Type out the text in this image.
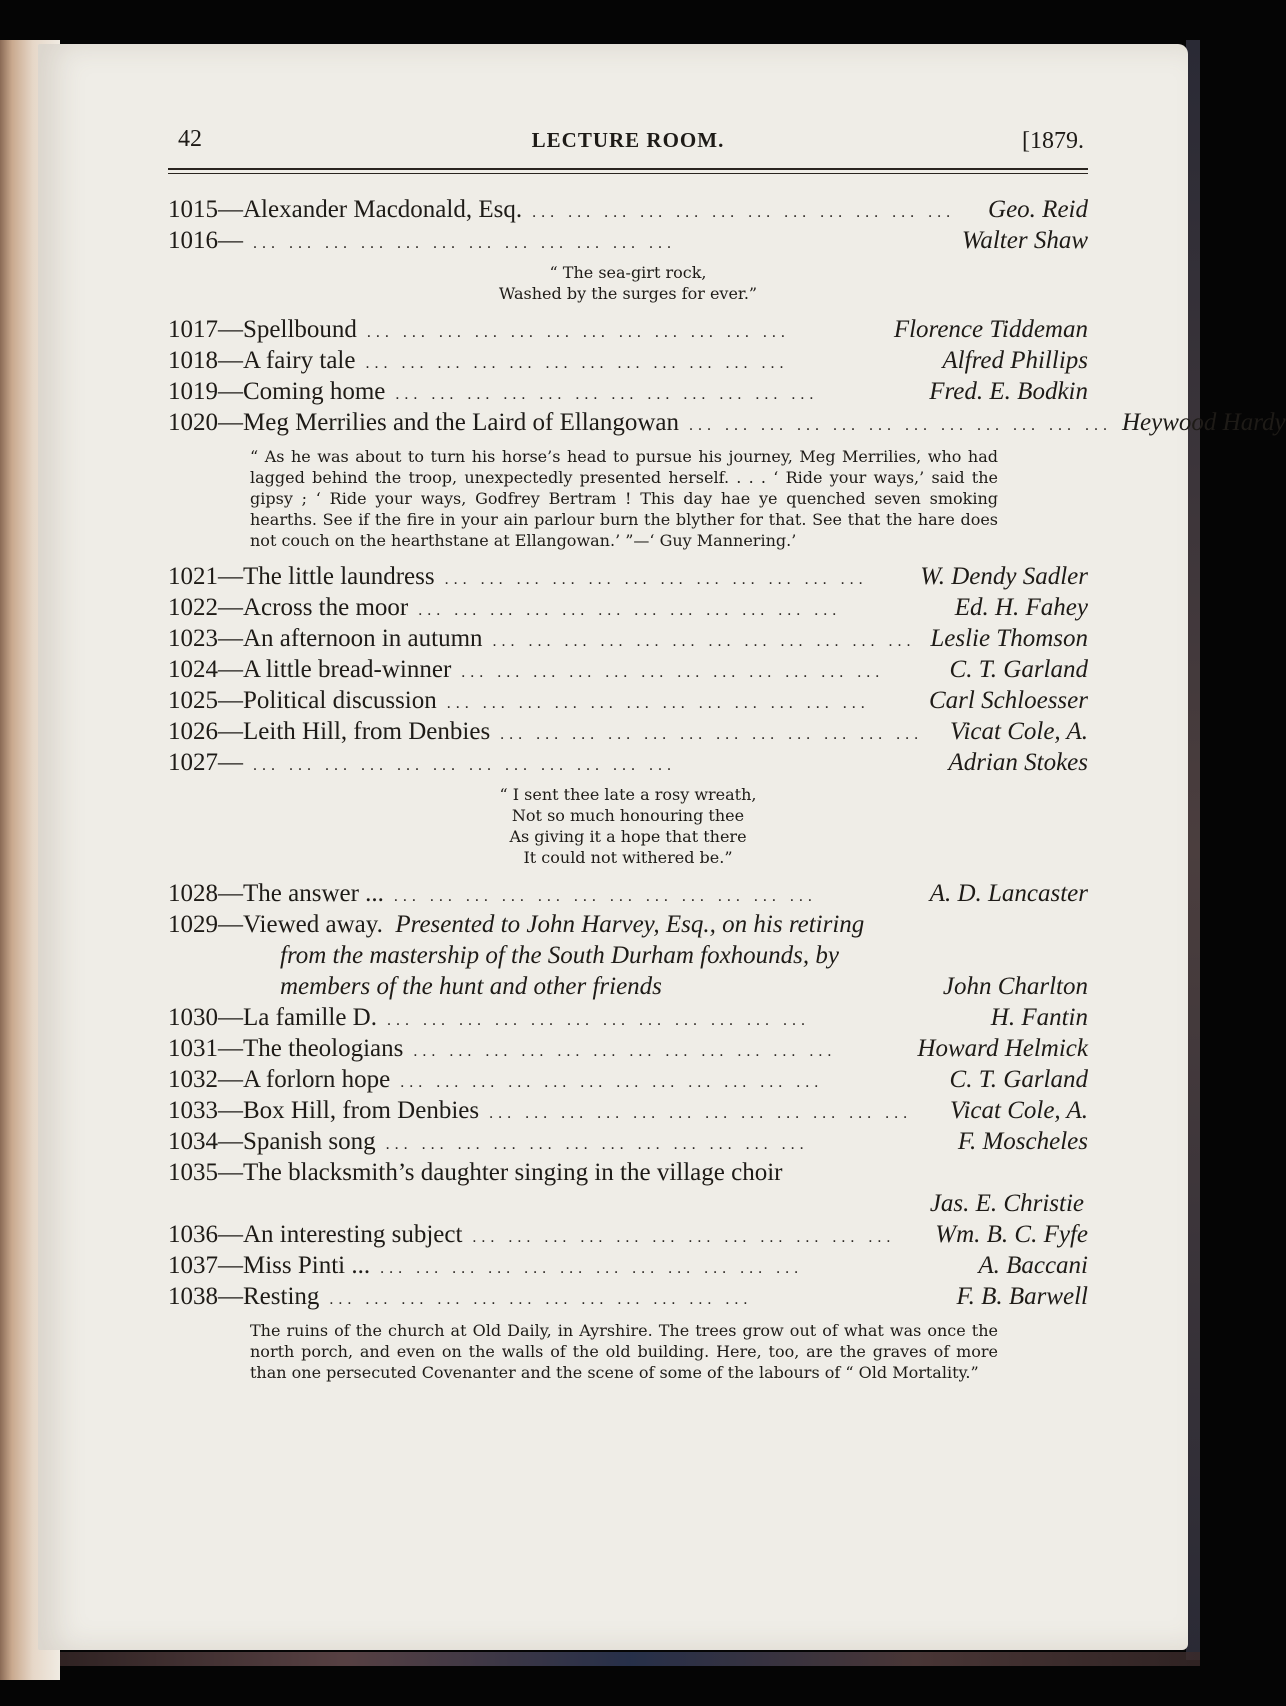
42	LECTURE ROOM.	[1879.
1015 — Alexander Macdonald, Esq. ... ... ... ... ... ... ... ... ... ... ... ...	Geo. Reid
1016 — ... ... ... ... ... ... ... ... ... ... ... ...	Walter Shaw
“ The sea-girt rock,
Washed by the surges for ever.”
1017 — Spellbound ... ... ... ... ... ... ... ... ... ... ... ...	Florence Tiddeman
1018 — A fairy tale ... ... ... ... ... ... ... ... ... ... ... ...	Alfred Phillips
1019 — Coming home ... ... ... ... ... ... ... ... ... ... ... ...	Fred. E. Bodkin
1020 — Meg Merrilies and the Laird of Ellangowan ... ... ... ... ... ... ... ... ... ... ... ... Heywood Hardy
“ As he was about to turn his horse’s head to pursue his journey, Meg Merrilies, who had lagged behind the troop, unexpectedly presented herself. . . . ‘ Ride your ways,’ said the gipsy ; ‘ Ride your ways, Godfrey Bertram ! This day hae ye quenched seven smoking hearths. See if the fire in your ain parlour burn the blyther for that. See that the hare does not couch on the hearthstane at Ellangowan.’ ”—‘ Guy Mannering.’
1021 — The little laundress ... ... ... ... ... ... ... ... ... ... ... ...	W. Dendy Sadler
1022 — Across the moor ... ... ... ... ... ... ... ... ... ... ... ...	Ed. H. Fahey
1023 — An afternoon in autumn ... ... ... ... ... ... ... ... ... ... ... ... Leslie Thomson
1024 — A little bread-winner ... ... ... ... ... ... ... ... ... ... ... ...	C. T. Garland
1025 — Political discussion ... ... ... ... ... ... ... ... ... ... ... ...	Carl Schloesser
1026 — Leith Hill, from Denbies ... ... ... ... ... ... ... ... ... ... ... ...	Vicat Cole, A.
1027 — ... ... ... ... ... ... ... ... ... ... ... ...	Adrian Stokes
“ I sent thee late a rosy wreath,
Not so much honouring thee
As giving it a hope that there
It could not withered be.”
1028 — The answer ... ... ... ... ... ... ... ... ... ... ... ... ...	A. D. Lancaster
1029—Viewed away. Presented to John Harvey, Esq., on his retiring
from the mastership of the South Durham foxhounds, by
members of the hunt and other friends	John Charlton
1030 — La famille D. ... ... ... ... ... ... ... ... ... ... ... ...	H. Fantin
1031 — The theologians ... ... ... ... ... ... ... ... ... ... ... ...	Howard Helmick
1032 — A forlorn hope ... ... ... ... ... ... ... ... ... ... ... ...	C. T. Garland
1033 — Box Hill, from Denbies ... ... ... ... ... ... ... ... ... ... ... ...	Vicat Cole, A.
1034 — Spanish song ... ... ... ... ... ... ... ... ... ... ... ...	F. Moscheles
1035 — The blacksmith’s daughter singing in the village choir
Jas. E. Christie
1036 — An interesting subject ... ... ... ... ... ... ... ... ... ... ... ...	Wm. B. C. Fyfe
1037 — Miss Pinti ... ... ... ... ... ... ... ... ... ... ... ... ...	A. Baccani
1038 — Resting ... ... ... ... ... ... ... ... ... ... ... ...	F. B. Barwell
The ruins of the church at Old Daily, in Ayrshire. The trees grow out of what was once the north porch, and even on the walls of the old building. Here, too, are the graves of more than one persecuted Covenanter and the scene of some of the labours of “ Old Mortality.”
